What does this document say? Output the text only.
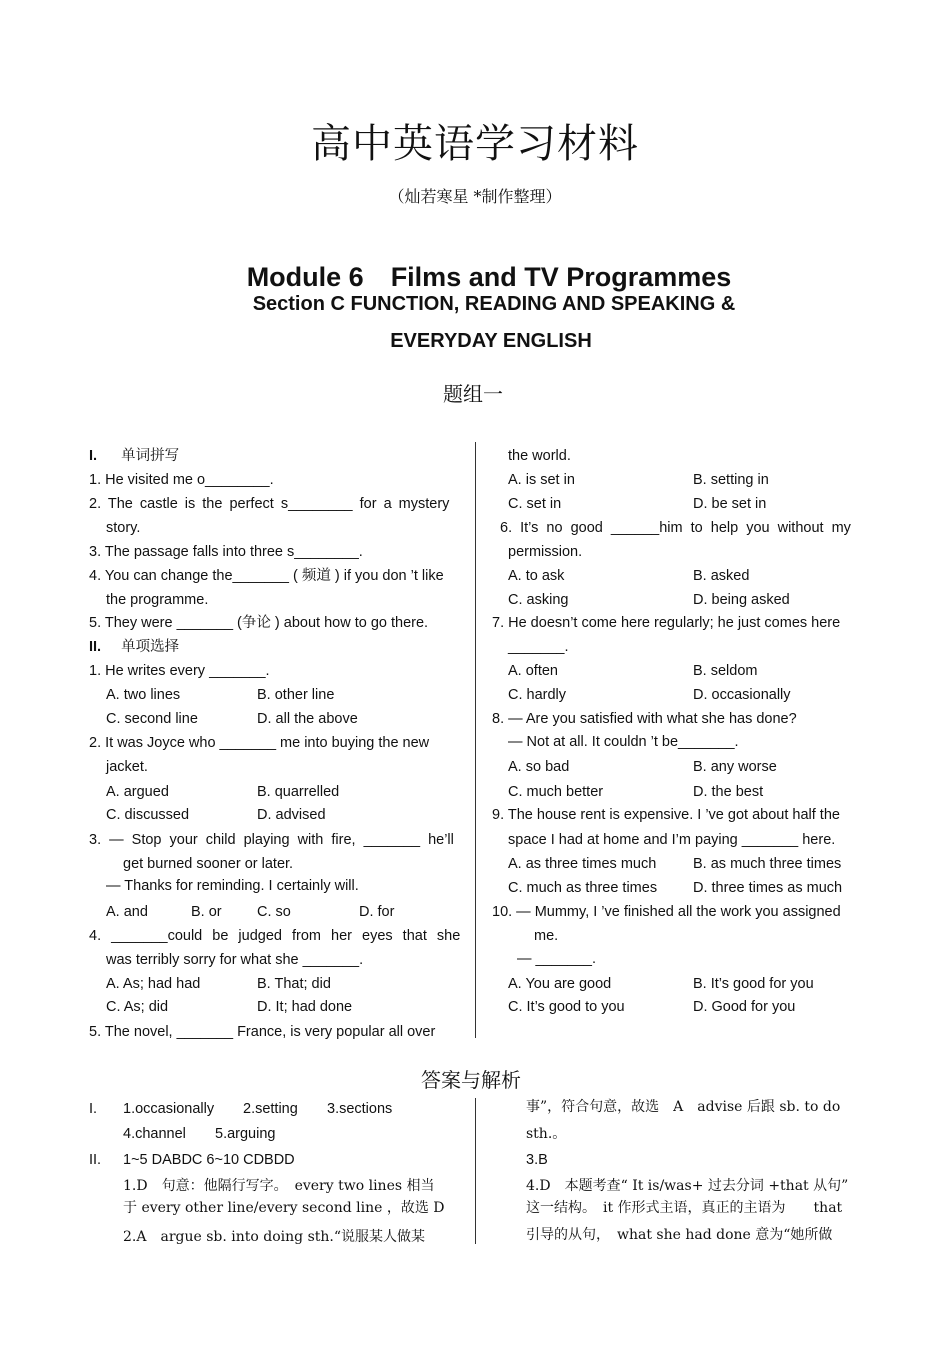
高中英语学习材料
（灿若寒星 *制作整理）
Module 6　Films and TV Programmes
Section C FUNCTION, READING AND SPEAKING &
EVERYDAY ENGLISH
题组一
I. 单词拼写
1. He visited me o________.
2. The castle is the perfect s________ for a mystery
story.
3. The passage falls into three s________.
4. You can change the_______ ( 频道 ) if you don ’t like
the programme.
5. They were _______ (争论 ) about how to go there.
II. 单项选择
1. He writes every _______.
A. two lines	B. other line
C. second line	D. all the above
2. It was Joyce who _______ me into buying the new
jacket.
A. argued	B. quarrelled
C. discussed	D. advised
3. — Stop your child playing with fire, _______ he’ll
get burned sooner or later.
— Thanks for reminding. I certainly will.
A. and	B. or C. so	D. for
4. _______could be judged from her eyes that she
was terribly sorry for what she _______.
A. As; had had	B. That; did
C. As; did	D. It; had done
5. The novel, _______ France, is very popular all over
the world.
A. is set in	B. setting in
C. set in	D. be set in
6. It’s no good ______him to help you without my
permission.
A. to ask	B. asked
C. asking	D. being asked
7. He doesn’t come here regularly; he just comes here
_______.
A. often	B. seldom
C. hardly	D. occasionally
8. — Are you satisfied with what she has done?
— Not at all. It couldn ’t be_______.
A. so bad	B. any worse
C. much better	D. the best
9. The house rent is expensive. I ’ve got about half the
space I had at home and I’m paying _______ here.
A. as three times much	B. as much three times
C. much as three times D. three times as much
10. — Mummy, I ’ve finished all the work you assigned
me.
— _______.
A. You are good	B. It’s good for you
C. It’s good to you	D. Good for you
答案与解析
I. 1.occasionally 2.setting 3.sections
4.channel 5.arguing
II. 1~5 DABDC 6~10 CDBDD
1.D　句意：他隔行写字。　every two lines 相当
于 every other line/every second line ，故选 D
2.A　argue sb. into doing sth.“说服某人做某
事”，符合句意，故选　A　advise 后跟 sb. to do
sth.。
3.B
4.D　本题考查“ It is/was+ 过去分词 +that 从句”
这一结构。　it 作形式主语，真正的主语为　　that
引导的从句，　what she had done 意为“她所做
